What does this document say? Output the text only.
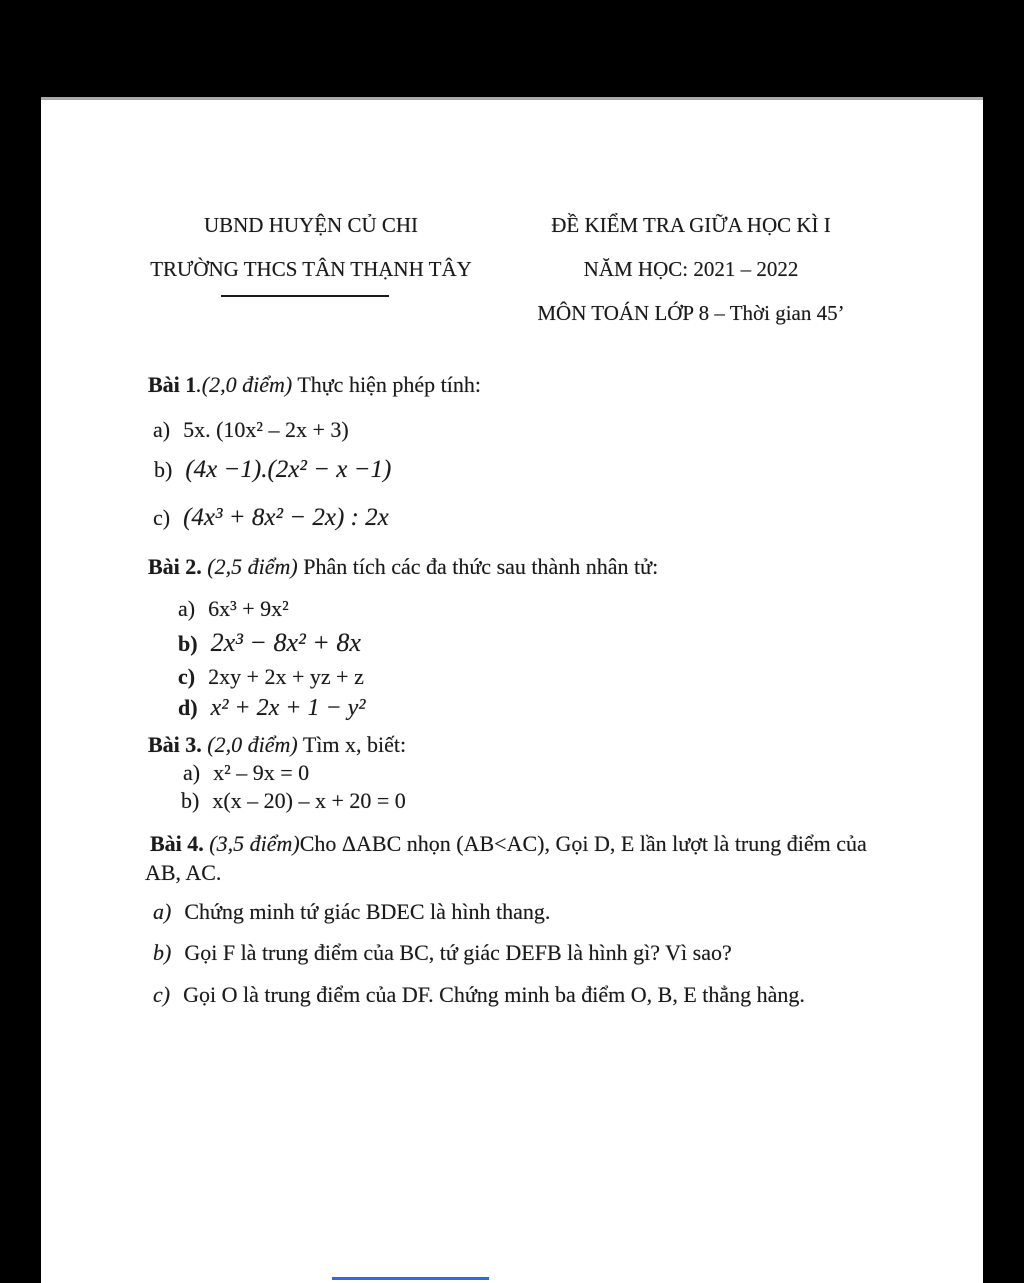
UBND HUYỆN CỦ CHI
TRƯỜNG THCS TÂN THẠNH TÂY
ĐỀ KIỂM TRA GIỮA HỌC KÌ I
NĂM HỌC: 2021 – 2022
MÔN TOÁN LỚP 8 – Thời gian 45’
Bài 1.(2,0 điểm) Thực hiện phép tính:
a) 5x. (10x² – 2x + 3)
b) (4x −1).(2x² − x −1)
c) (4x³ + 8x² − 2x) : 2x
Bài 2. (2,5 điểm) Phân tích các đa thức sau thành nhân tử:
a) 6x³ + 9x²
b) 2x³ − 8x² + 8x
c) 2xy + 2x + yz + z
d) x² + 2x + 1 − y²
Bài 3. (2,0 điểm) Tìm x, biết:
a) x² – 9x = 0
b) x(x – 20) – x + 20 = 0
Bài 4. (3,5 điểm)Cho ΔABC nhọn (AB<AC), Gọi D, E lần lượt là trung điểm của
AB, AC.
a) Chứng minh tứ giác BDEC là hình thang.
b) Gọi F là trung điểm của BC, tứ giác DEFB là hình gì? Vì sao?
c) Gọi O là trung điểm của DF. Chứng minh ba điểm O, B, E thẳng hàng.
